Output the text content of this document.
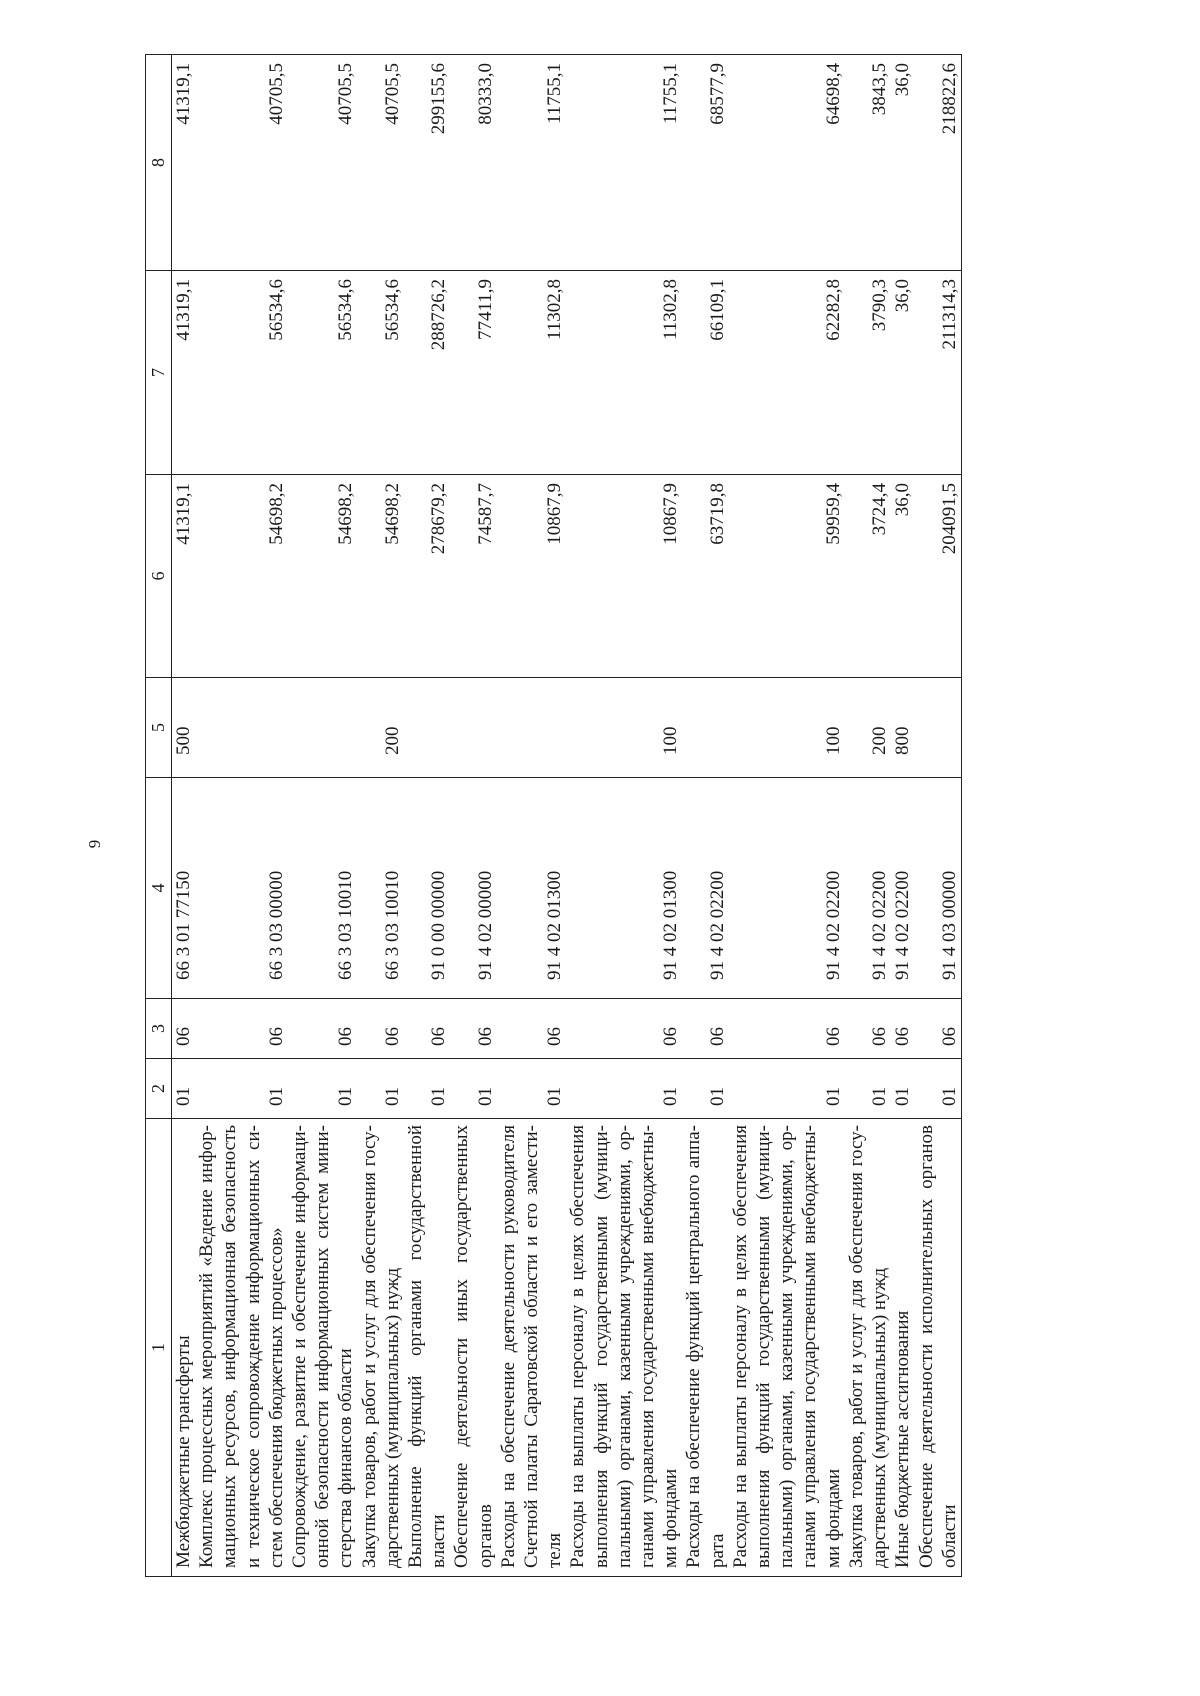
9
1	2	3	4	5	6	7	8

Межбюджетные трансферты	01	06	66 3 01 77150	500	41319,1	41319,1	41319,1

Комплекс процессных мероприятий «Ведение инфор- мационных ресурсов, информационная безопасность и техническое сопровождение информационных си- стем обеспечения бюджетных процессов»	01	06	66 3 03 00000		54698,2	56534,6	40705,5

Сопровождение, развитие и обеспечение информаци- онной безопасности информационных систем мини- стерства финансов области	01	06	66 3 03 10010		54698,2	56534,6	40705,5

Закупка товаров, работ и услуг для обеспечения госу- дарственных (муниципальных) нужд	01	06	66 3 03 10010	200	54698,2	56534,6	40705,5

Выполнение функций органами государственной власти	01	06	91 0 00 00000		278679,2	288726,2	299155,6

Обеспечение деятельности иных государственных органов	01	06	91 4 02 00000		74587,7	77411,9	80333,0

Расходы на обеспечение деятельности руководителя Счетной палаты Саратовской области и его замести- теля	01	06	91 4 02 01300		10867,9	11302,8	11755,1

Расходы на выплаты персоналу в целях обеспечения выполнения функций государственными (муници- пальными) органами, казенными учреждениями, ор- ганами управления государственными внебюджетны- ми фондами	01	06	91 4 02 01300	100	10867,9	11302,8	11755,1

Расходы на обеспечение функций центрального аппа- рата	01	06	91 4 02 02200		63719,8	66109,1	68577,9

Расходы на выплаты персоналу в целях обеспечения выполнения функций государственными (муници- пальными) органами, казенными учреждениями, ор- ганами управления государственными внебюджетны- ми фондами	01	06	91 4 02 02200	100	59959,4	62282,8	64698,4

Закупка товаров, работ и услуг для обеспечения госу- дарственных (муниципальных) нужд	01	06	91 4 02 02200	200	3724,4	3790,3	3843,5

Иные бюджетные ассигнования	01	06	91 4 02 02200	800	36,0	36,0	36,0

Обеспечение деятельности исполнительных органов области	01	06	91 4 03 00000		204091,5	211314,3	218822,6
